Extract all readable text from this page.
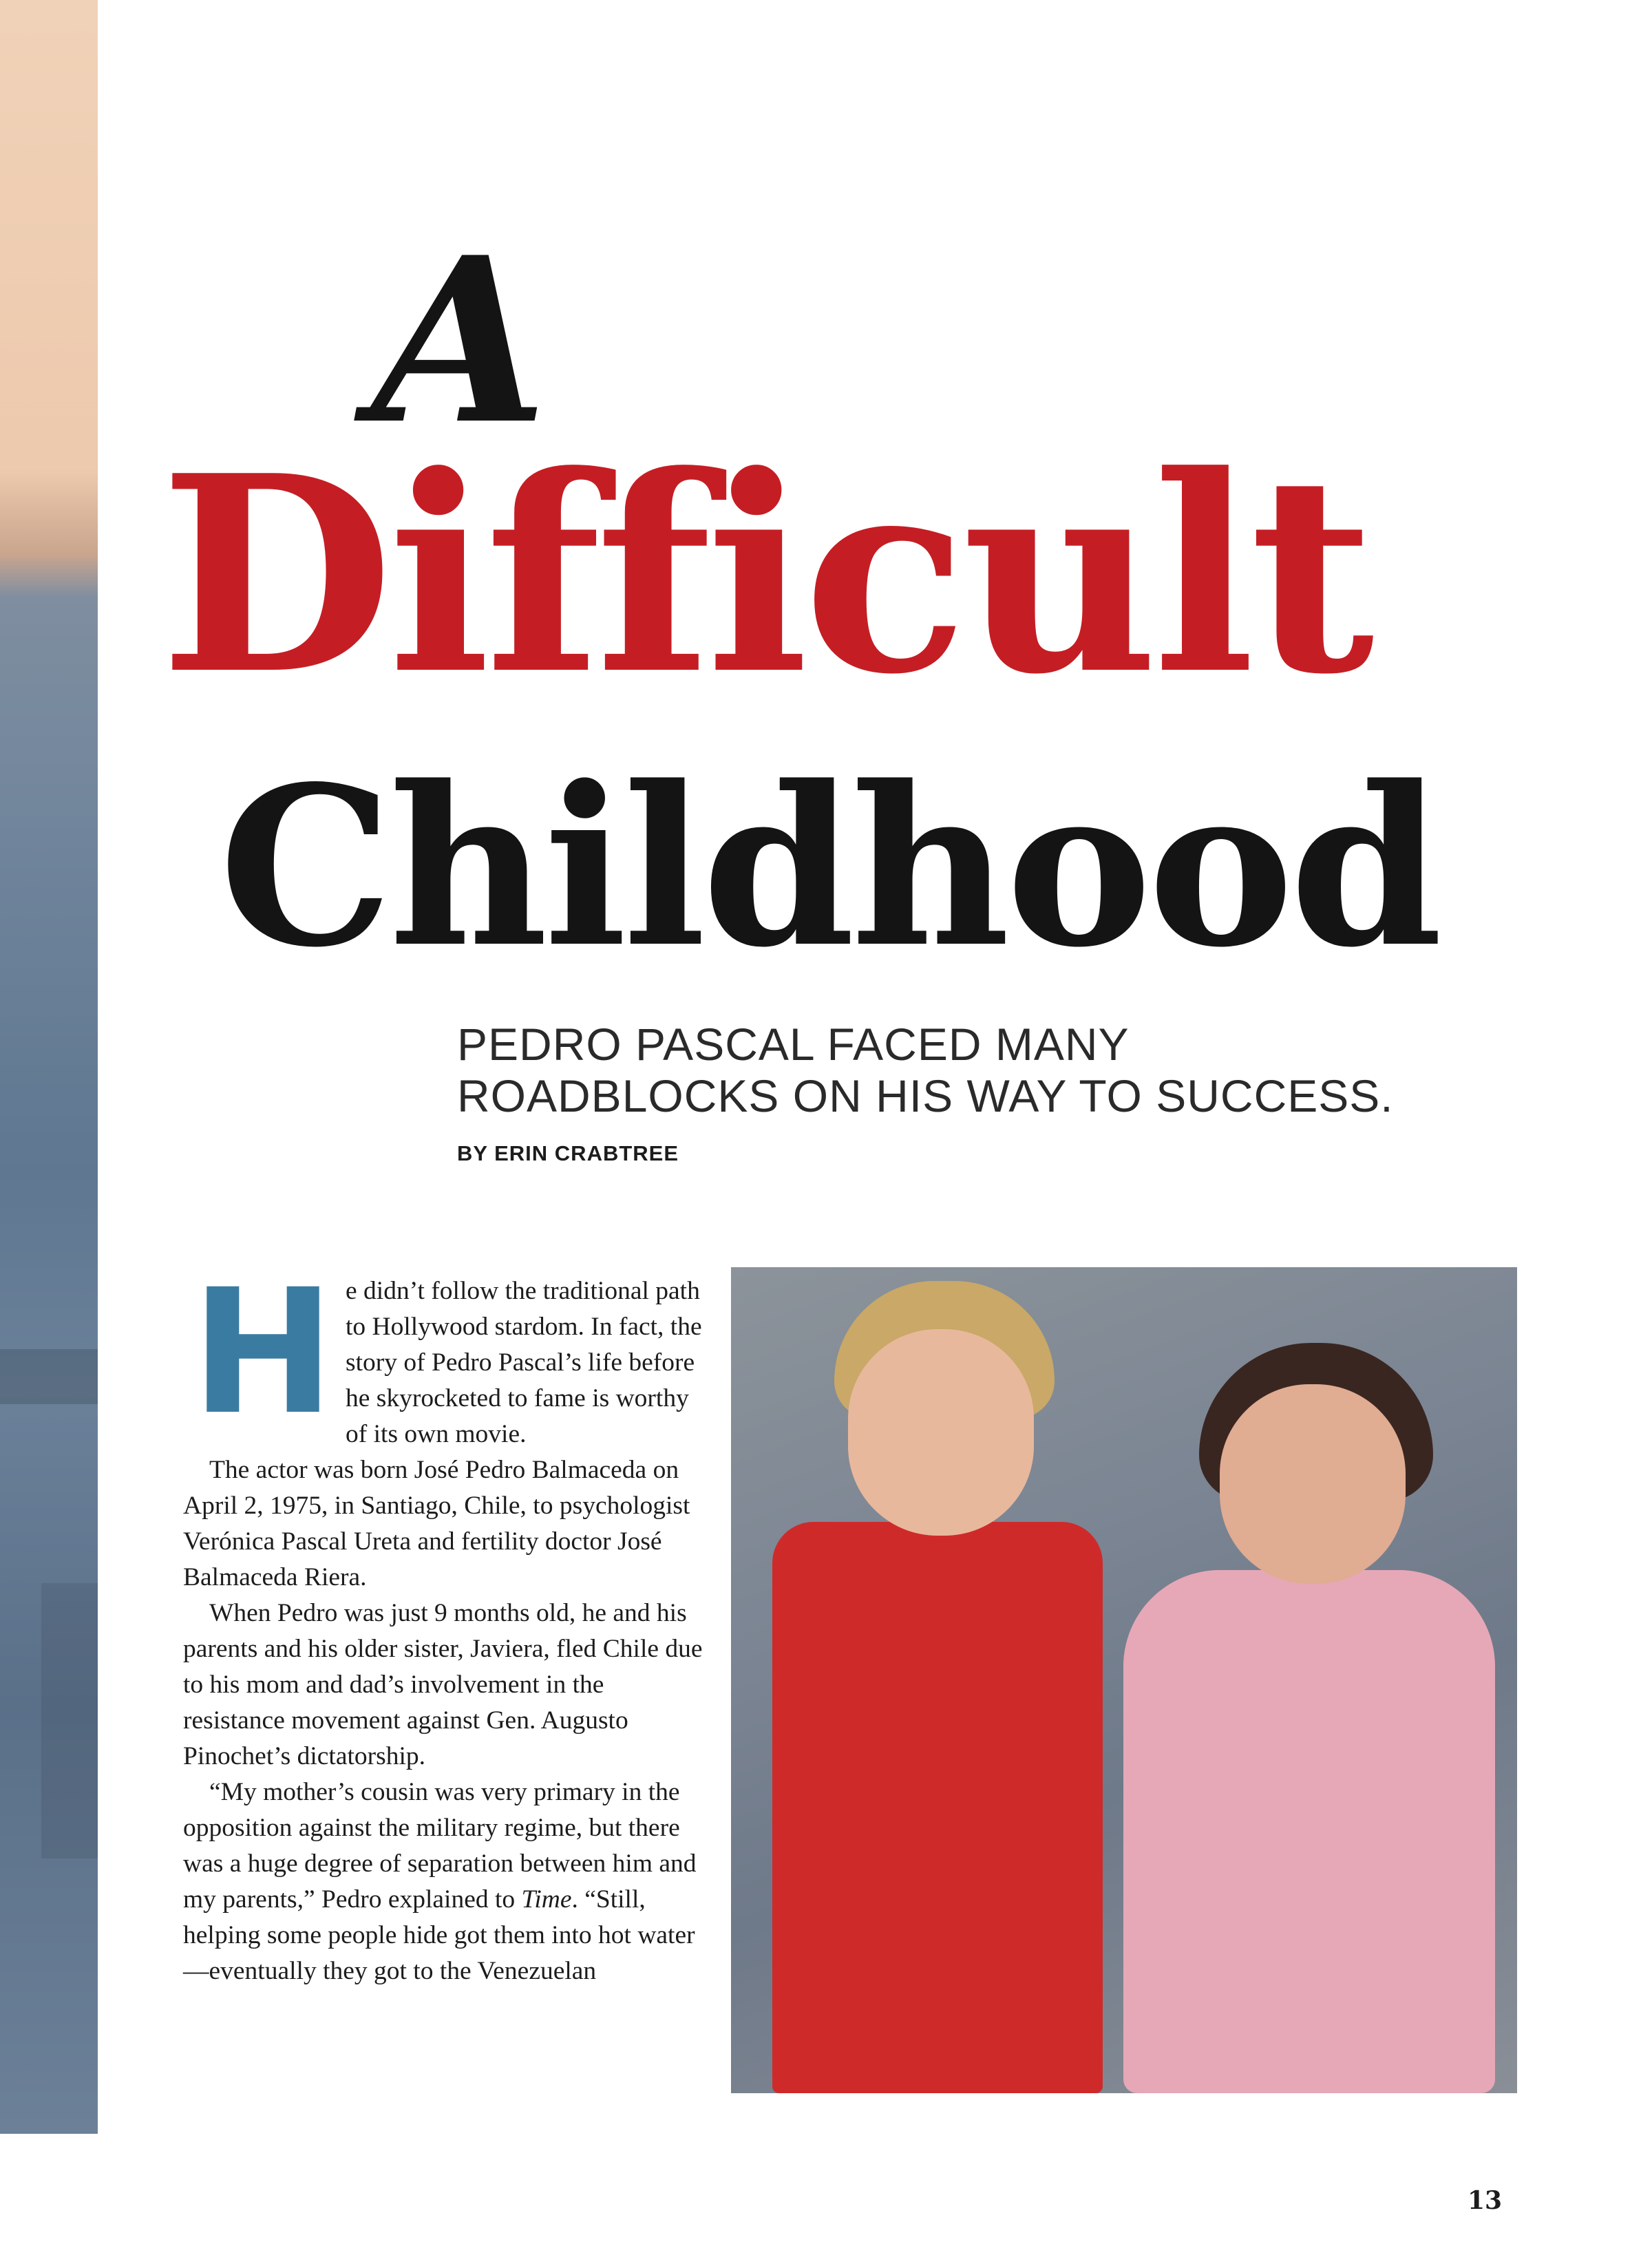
A
Difficult
Childhood
PEDRO PASCAL FACED MANY
ROADBLOCKS ON HIS WAY TO SUCCESS.
BY ERIN CRABTREE

H e didn’t follow the traditional path to Hollywood stardom. In fact, the story of Pedro Pascal’s life before he skyrocketed to fame is worthy of its own movie.

The actor was born José Pedro Balmaceda on April 2, 1975, in Santiago, Chile, to psychologist Verónica Pascal Ureta and fertility doctor José Balmaceda Riera.

When Pedro was just 9 months old, he and his parents and his older sister, Javiera, fled Chile due to his mom and dad’s involvement in the resistance movement against Gen. Augusto Pinochet’s dictatorship.

“My mother’s cousin was very primary in the opposition against the military regime, but there was a huge degree of separation between him and my parents,” Pedro explained to Time. “Still, helping some people hide got them into hot water—eventually they got to the Venezuelan

13
